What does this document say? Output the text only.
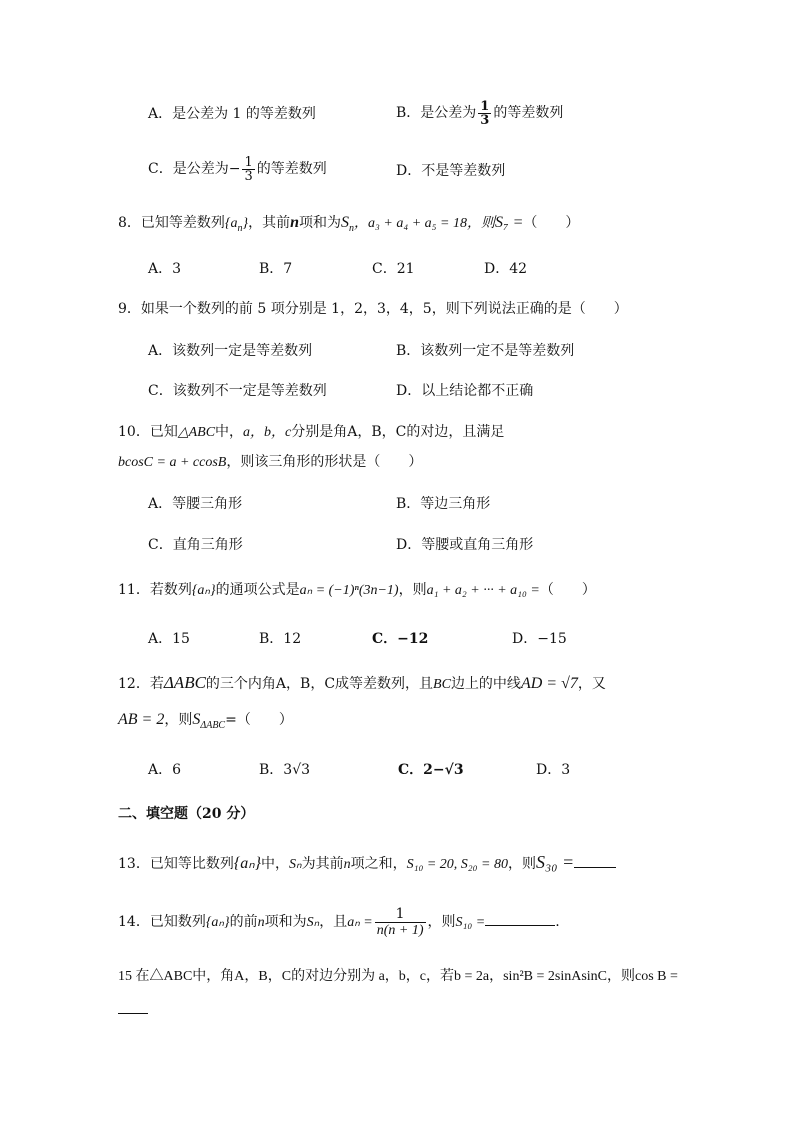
A．是公差为 1 的等差数列	B．是公差为 $\frac{1}{3}$ 的等差数列
C．是公差为− $\frac{1}{3}$ 的等差数列	D．不是等差数列
8．已知等差数列$\{a_n\}$，其前n项和为$S_n$，a₃ + a₄ + a₅ = 18，则S₇ =（　　）
A．3	B．7	C．21	D．42
9．如果一个数列的前 5 项分别是 1，2，3，4，5，则下列说法正确的是（　　）
A．该数列一定是等差数列	B．该数列一定不是等差数列
C．该数列不一定是等差数列	D．以上结论都不正确
10．已知△ABC中，a，b，c分别是角A，B，C的对边，且满足
bcosC = a + ccosB，则该三角形的形状是（　　）
A．等腰三角形	B．等边三角形
C．直角三角形	D．等腰或直角三角形
11．若数列{aₙ}的通项公式是aₙ = (−1)ⁿ(3n−1)，则a₁ + a₂ + ··· + a₁₀ =（　　）
A．15	B．12	C．−12	D．−15
12．若ΔABC的三个内角A，B，C成等差数列，且BC边上的中线AD = √7，又
AB = 2，则$S_{\Delta ABC}=$（　　）
A．6	B．3√3	C．2−√3	D．3
二、填空题（20 分）
13．已知等比数列{aₙ}中，Sₙ为其前n项之和，S₁₀ = 20, S₂₀ = 80，则S₃₀ =
14．已知数列{aₙ}的前n项和为Sₙ，且$a_n = \frac{1}{n(n + 1)}$ ，则S₁₀ =	.
15 在△ABC中，角A，B，C的对边分别为 a，b，c，若b = 2a，sin²B = 2sinAsinC，则cos B =
